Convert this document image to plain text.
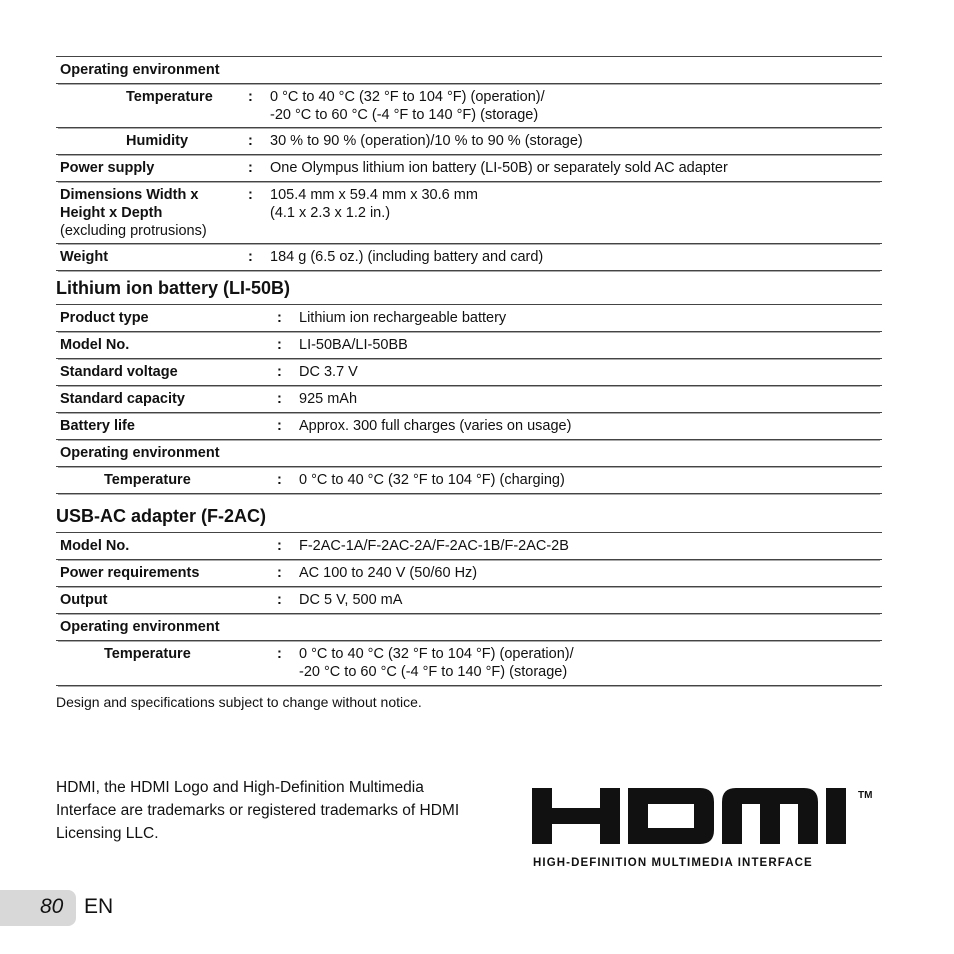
Operating environment
Temperature : 0 °C to 40 °C (32 °F to 104 °F) (operation)/
-20 °C to 60 °C (-4 °F to 140 °F) (storage)
Humidity	: 30 % to 90 % (operation)/10 % to 90 % (storage)
Power supply	: One Olympus lithium ion battery (LI-50B) or separately sold AC adapter
Dimensions Width x
Height x Depth
(excluding protrusions)
: 105.4 mm x 59.4 mm x 30.6 mm
(4.1 x 2.3 x 1.2 in.)
Weight	: 184 g (6.5 oz.) (including battery and card)
Lithium ion battery (LI-50B)
Product type	: Lithium ion rechargeable battery
Model No.	: LI-50BA/LI-50BB
Standard voltage	: DC 3.7 V
Standard capacity	: 925 mAh
Battery life	: Approx. 300 full charges (varies on usage)
Operating environment
Temperature	: 0 °C to 40 °C (32 °F to 104 °F) (charging)
USB-AC adapter (F-2AC)
Model No.	: F-2AC-1A/F-2AC-2A/F-2AC-1B/F-2AC-2B
Power requirements	: AC 100 to 240 V (50/60 Hz)
Output	: DC 5 V, 500 mA
Operating environment
Temperature	: 0 °C to 40 °C (32 °F to 104 °F) (operation)/
-20 °C to 60 °C (-4 °F to 140 °F) (storage)
Design and specifications subject to change without notice.
HDMI, the HDMI Logo and High-Definition Multimedia Interface are trademarks or registered trademarks of HDMI Licensing LLC.
TM
HIGH-DEFINITION MULTIMEDIA INTERFACE
80 EN
